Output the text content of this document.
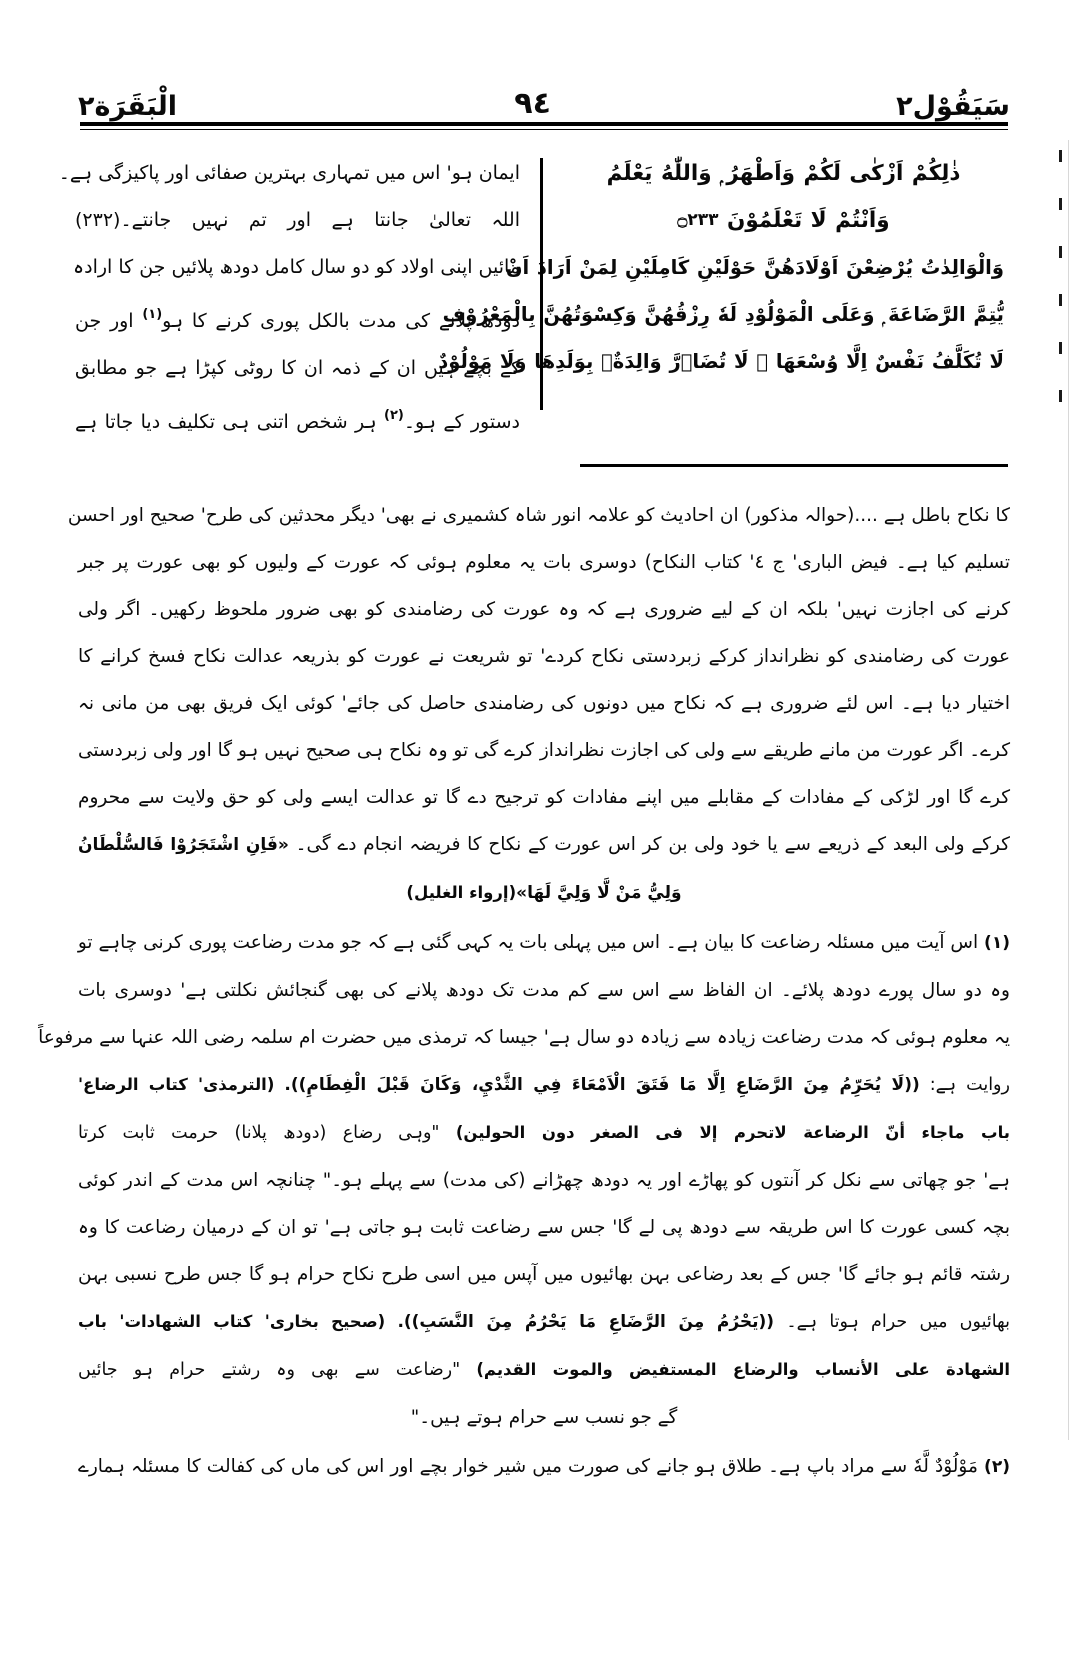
سَيَقُوْل٢
٩٤
الْبَقَرَة٢
ذٰلِكُمْ اَزْكٰى لَكُمْ وَاَطْهَرُ ۭ وَاللّٰهُ يَعْلَمُ
وَاَنْتُمْ لَا تَعْلَمُوْنَ ۝٢٣٣
وَالْوَالِدٰتُ يُرْضِعْنَ اَوْلَادَهُنَّ حَوْلَيْنِ كَامِلَيْنِ لِمَنْ اَرَادَ اَنْ
يُّتِمَّ الرَّضَاعَةَ ۭ وَعَلَى الْمَوْلُوْدِ لَهٗ رِزْقُهُنَّ وَكِسْوَتُهُنَّ بِالْمَعْرُوْفِ
لَا تُكَلَّفُ نَفْسٌ اِلَّا وُسْعَهَا ۚ لَا تُضَاۗرَّ وَالِدَةٌۢ بِوَلَدِهَا وَلَا مَوْلُوْدٌ
ایمان ہو' اس میں تمہاری بہترین صفائی اور پاکیزگی ہے۔
اللہ تعالیٰ جانتا ہے اور تم نہیں جانتے۔(٢٣٢)
مائیں اپنی اولاد کو دو سال کامل دودھ پلائیں جن کا ارادہ
دودھ پلانے کی مدت بالکل پوری کرنے کا ہو$^{(١)}$ اور جن
کے بچے ہیں ان کے ذمہ ان کا روٹی کپڑا ہے جو مطابق
دستور کے ہو۔$^{(٢)}$ ہر شخص اتنی ہی تکلیف دیا جاتا ہے
کا نکاح باطل ہے ....(حوالہ مذکور) ان احادیث کو علامہ انور شاہ کشمیری نے بھی' دیگر محدثین کی طرح' صحیح اور احسن
تسلیم کیا ہے۔ فیض الباری' ج ٤' کتاب النکاح) دوسری بات یہ معلوم ہوئی کہ عورت کے ولیوں کو بھی عورت پر جبر
کرنے کی اجازت نہیں' بلکہ ان کے لیے ضروری ہے کہ وہ عورت کی رضامندی کو بھی ضرور ملحوظ رکھیں۔ اگر ولی
عورت کی رضامندی کو نظرانداز کرکے زبردستی نکاح کردے' تو شریعت نے عورت کو بذریعہ عدالت نکاح فسخ کرانے کا
اختیار دیا ہے۔ اس لئے ضروری ہے کہ نکاح میں دونوں کی رضامندی حاصل کی جائے' کوئی ایک فریق بھی من مانی نہ
کرے۔ اگر عورت من مانے طریقے سے ولی کی اجازت نظرانداز کرے گی تو وہ نکاح ہی صحیح نہیں ہو گا اور ولی زبردستی
کرے گا اور لڑکی کے مفادات کے مقابلے میں اپنے مفادات کو ترجیح دے گا تو عدالت ایسے ولی کو حق ولایت سے محروم
کرکے ولی البعد کے ذریعے سے یا خود ولی بن کر اس عورت کے نکاح کا فریضہ انجام دے گی۔ «فَاِنِ اشْتَجَرُوْا فَالسُّلْطَانُ
وَلِيُّ مَنْ لَّا وَلِيَّ لَهَا»(إرواء الغليل)
(١) اس آیت میں مسئلہ رضاعت کا بیان ہے۔ اس میں پہلی بات یہ کہی گئی ہے کہ جو مدت رضاعت پوری کرنی چاہے تو
وہ دو سال پورے دودھ پلائے۔ ان الفاظ سے اس سے کم مدت تک دودھ پلانے کی بھی گنجائش نکلتی ہے' دوسری بات
یہ معلوم ہوئی کہ مدت رضاعت زیادہ سے زیادہ دو سال ہے' جیسا کہ ترمذی میں حضرت ام سلمہ رضی اللہ عنہا سے مرفوعاً
روایت ہے: ((لَا يُحَرِّمُ مِنَ الرَّضَاعِ اِلَّا مَا فَتَقَ الْاَمْعَاءَ فِي الثَّدْيِ، وَكَانَ قَبْلَ الْفِطَامِ)). (الترمذی' کتاب الرضاع'
باب ماجاء أنّ الرضاعة لاتحرم إلا فى الصغر دون الحولين) "وہی رضاع (دودھ پلانا) حرمت ثابت کرتا
ہے' جو چھاتی سے نکل کر آنتوں کو پھاڑے اور یہ دودھ چھڑانے (کی مدت) سے پہلے ہو۔" چنانچہ اس مدت کے اندر کوئی
بچہ کسی عورت کا اس طریقہ سے دودھ پی لے گا' جس سے رضاعت ثابت ہو جاتی ہے' تو ان کے درمیان رضاعت کا وہ
رشتہ قائم ہو جائے گا' جس کے بعد رضاعی بہن بھائیوں میں آپس میں اسی طرح نکاح حرام ہو گا جس طرح نسبی بہن
بھائیوں میں حرام ہوتا ہے۔ ((يَحْرُمُ مِنَ الرَّضَاعِ مَا يَحْرُمُ مِنَ النَّسَبِ)). (صحیح بخاری' کتاب الشهادات' باب
الشهادة على الأنساب والرضاع المستفيض والموت القديم) "رضاعت سے بھی وہ رشتے حرام ہو جائیں
گے جو نسب سے حرام ہوتے ہیں۔"
(٢) مَوْلُوْدٌ لَّهٗ سے مراد باپ ہے۔ طلاق ہو جانے کی صورت میں شیر خوار بچے اور اس کی ماں کی کفالت کا مسئلہ ہمارے
